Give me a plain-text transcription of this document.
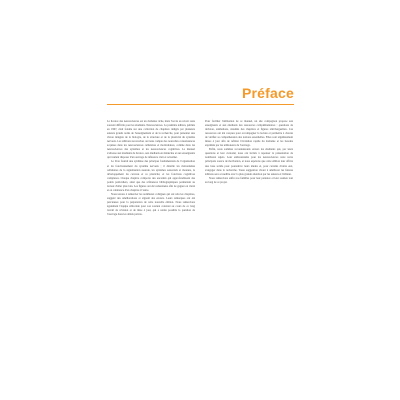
Préface

La licence des neurosciences est un domaine riche, mais l'accès au savoir reste souvent difficile pour les étudiants. Neurosciences. La première édition, publiée en 1997, était fondée sur une collection de chapitres rédigés par plusieurs auteurs grands noms de l'enseignement et de la recherche, pour présenter une vision intégrée de la biologie, de la structure et de la plasticité du système nerveux. Les éditions successives ont tenu compte des nouvelles connaissances acquises dans les neurosciences cellulaires et moléculaires, comme dans les neurosciences des systèmes et les neurosciences cognitives. Le manuel s'adresse aux étudiants de licence, aux étudiants en médecine et aux enseignants qui veulent disposer d'un ouvrage de référence clair et actualisé.

Le livre fournit une synthèse des principes fondamentaux de l'organisation et du fonctionnement du système nerveux ; il détaille les mécanismes cellulaires de la signalisation neurale, les systèmes sensoriels et moteurs, le développement du cerveau et sa plasticité, et les fonctions cognitives complexes. Chaque chapitre comporte des encadrés qui approfondissent des points particuliers, ainsi que des références bibliographiques permettant au lecteur d'aller plus loin. Les figures ont été redessinées afin de gagner en clarté et en cohérence d'un chapitre à l'autre.

Nous tenons à remercier les nombreux collègues qui ont relu les chapitres, suggéré des améliorations et signalé des erreurs. Leurs remarques ont été précieuses pour la préparation de cette nouvelle édition. Nous remercions également l'équipe éditoriale pour son soutien constant au cours de ce long travail de révision et de mise à jour, qui a rendu possible la parution de l'ouvrage dans les délais prévus.

Pour faciliter l'utilisation de ce manuel, un site compagnon propose aux enseignants et aux étudiants des ressources complémentaires : questions de révision, animations, résumés des chapitres et figures téléchargeables. Ces ressources ont été conçues pour accompagner la lecture et permettre à chacun de vérifier sa compréhension des notions essentielles. Elles sont régulièrement mises à jour afin de refléter l'évolution rapide du domaine et les besoins exprimés par les utilisateurs de l'ouvrage.

Enfin, nous sommes reconnaissants envers les étudiants qui, par leurs questions et leur curiosité, nous ont incités à repenser la présentation de nombreux sujets. Leur enthousiasme pour les neurosciences reste notre principale source de motivation, et nous espérons que cette édition leur offrira une base solide pour poursuivre leurs études et, pour certains d'entre eux, s'engager dans la recherche. Toute suggestion visant à améliorer les futures éditions sera accueillie avec la plus grande attention par les auteurs et l'éditeur.

Nous remercions enfin nos familles pour leur patience et leur soutien tout au long de ce projet.
